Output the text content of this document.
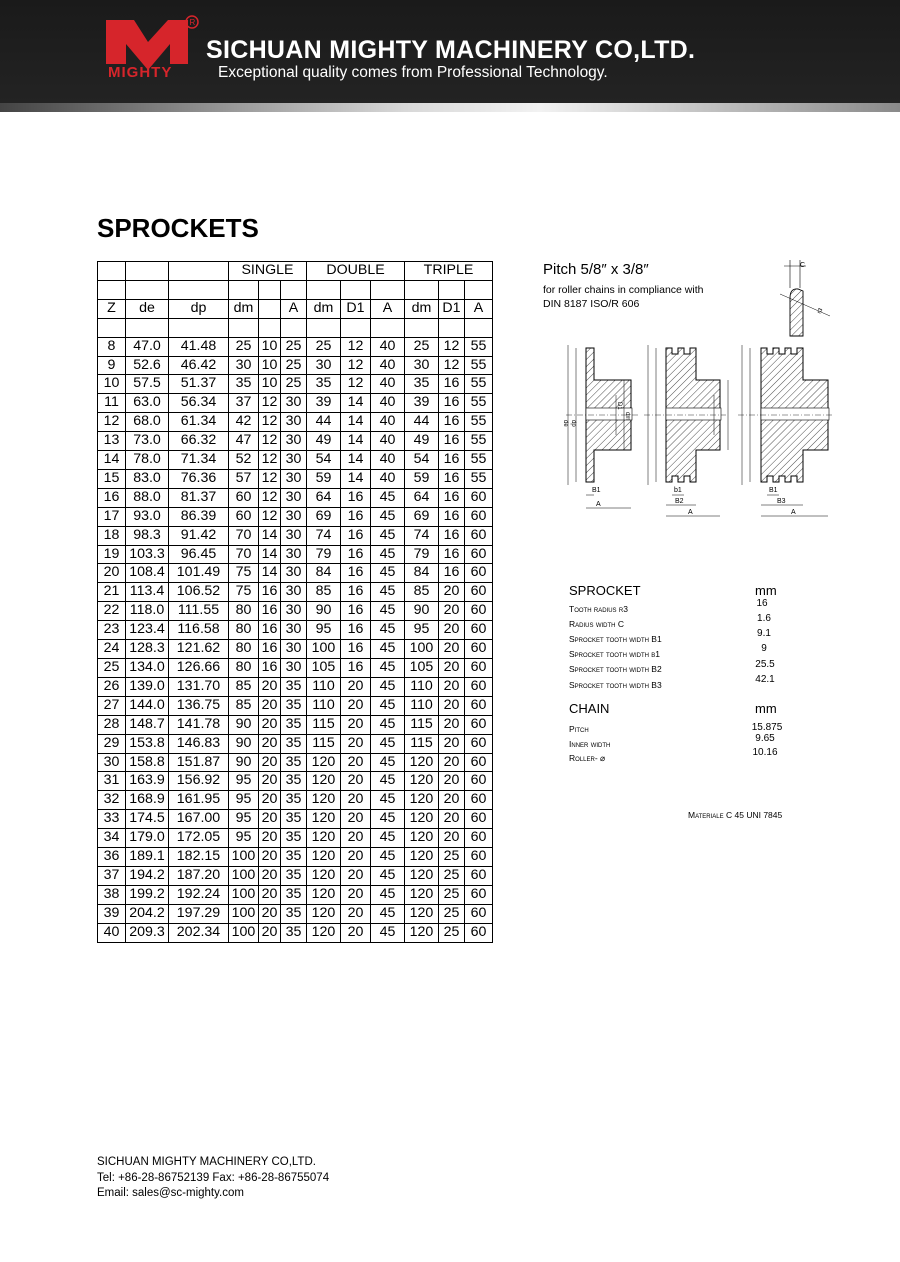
R
MIGHTY
SICHUAN MIGHTY MACHINERY CO,LTD.
Exceptional quality comes from Professional Technology.
SPROCKETS
			SINGLE			DOUBLE			TRIPLE		

Z	de	dp	dm		A	dm	D1	A	dm	D1	A

8	47.0	41.48	25	10	25	25	12	40	25	12	55
9	52.6	46.42	30	10	25	30	12	40	30	12	55
10	57.5	51.37	35	10	25	35	12	40	35	16	55
11	63.0	56.34	37	12	30	39	14	40	39	16	55
12	68.0	61.34	42	12	30	44	14	40	44	16	55
13	73.0	66.32	47	12	30	49	14	40	49	16	55
14	78.0	71.34	52	12	30	54	14	40	54	16	55
15	83.0	76.36	57	12	30	59	14	40	59	16	55
16	88.0	81.37	60	12	30	64	16	45	64	16	60
17	93.0	86.39	60	12	30	69	16	45	69	16	60
18	98.3	91.42	70	14	30	74	16	45	74	16	60
19	103.3	96.45	70	14	30	79	16	45	79	16	60
20	108.4	101.49	75	14	30	84	16	45	84	16	60
21	113.4	106.52	75	16	30	85	16	45	85	20	60
22	118.0	111.55	80	16	30	90	16	45	90	20	60
23	123.4	116.58	80	16	30	95	16	45	95	20	60
24	128.3	121.62	80	16	30	100	16	45	100	20	60
25	134.0	126.66	80	16	30	105	16	45	105	20	60
26	139.0	131.70	85	20	35	110	20	45	110	20	60
27	144.0	136.75	85	20	35	110	20	45	110	20	60
28	148.7	141.78	90	20	35	115	20	45	115	20	60
29	153.8	146.83	90	20	35	115	20	45	115	20	60
30	158.8	151.87	90	20	35	120	20	45	120	20	60
31	163.9	156.92	95	20	35	120	20	45	120	20	60
32	168.9	161.95	95	20	35	120	20	45	120	20	60
33	174.5	167.00	95	20	35	120	20	45	120	20	60
34	179.0	172.05	95	20	35	120	20	45	120	20	60
36	189.1	182.15	100	20	35	120	20	45	120	25	60
37	194.2	187.20	100	20	35	120	20	45	120	25	60
38	199.2	192.24	100	20	35	120	20	45	120	25	60
39	204.2	197.29	100	20	35	120	20	45	120	25	60
40	209.3	202.34	100	20	35	120	20	45	120	25	60
Pitch 5/8″ x 3/8″
for roller chains in compliance with
DIN 8187 ISO/R 606
C
r3
de dp
D1
dm
B1
A
b1
B2
A
B1
B3
A
SPROCKET	mm
Tooth radius r3	16
Radius width C	1.6
Sprocket tooth width B1	9.1
Sprocket tooth width b1	9
Sprocket tooth width B2	25.5
Sprocket tooth width B3	42.1
CHAIN	mm
Pitch	15.875
Inner width	9.65
Roller- ⌀	10.16
Materiale C 45 UNI 7845
SICHUAN MIGHTY MACHINERY CO,LTD.
Tel: +86-28-86752139 Fax: +86-28-86755074
Email: sales@sc-mighty.com
